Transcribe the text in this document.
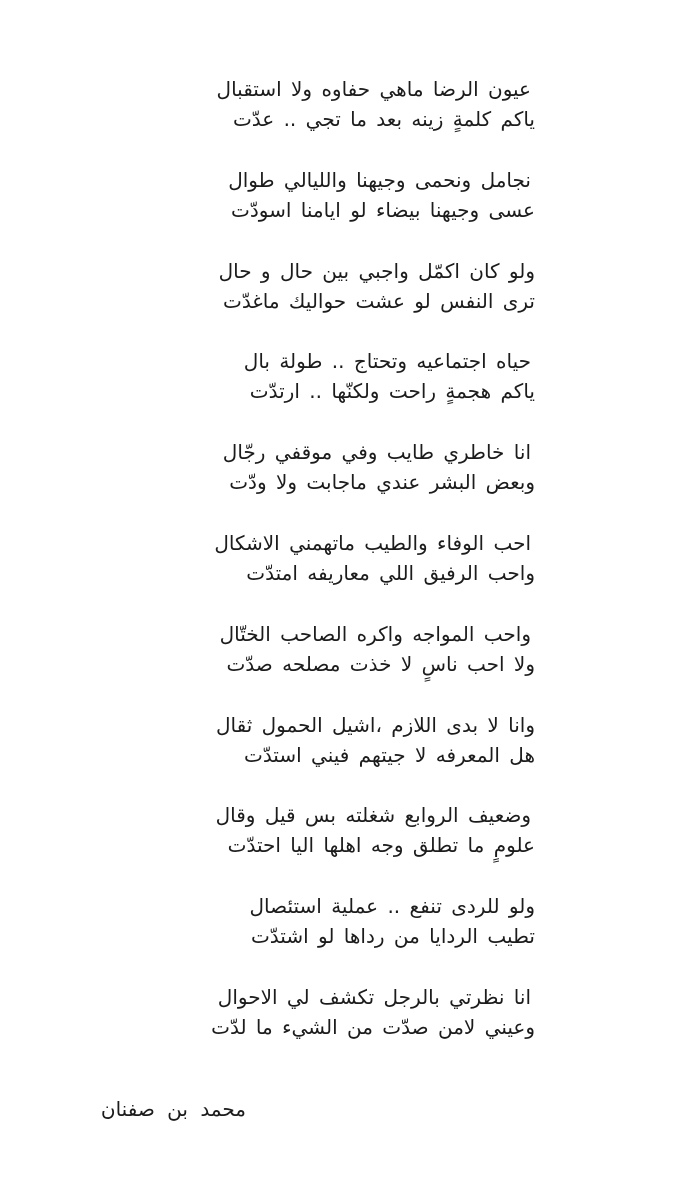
عيون الرضا ماهي حفاوه ولا استقبال
ياكم كلمةٍ زينه بعد ما تجي .. عدّت
نجامل ونحمى وجيهنا والليالي طوال
عسى وجيهنا بيضاء لو ايامنا اسودّت
ولو كان اكمّل واجبي بين حال و حال
ترى النفس لو عشت حواليك ماغدّت
حياه اجتماعيه وتحتاج .. طولة بال
ياكم هجمةٍ راحت ولكنّها .. ارتدّت
انا خاطري طايب وفي موقفي رجّال
وبعض البشر عندي ماجابت ولا ودّت
احب الوفاء والطيب ماتهمني الاشكال
واحب الرفيق اللي معاريفه امتدّت
واحب المواجه واكره الصاحب الختّال
ولا احب ناسٍ لا خذت مصلحه صدّت
وانا لا بدى اللازم ،اشيل الحمول ثقال
هل المعرفه لا جيتهم فيني استدّت
وضعيف الروابع شغلته بس قيل وقال
علومٍ ما تطلق وجه اهلها اليا احتدّت
ولو للردى تنفع .. عملية استئصال
تطيب الردايا من رداها لو اشتدّت
انا نظرتي بالرجل تكشف لي الاحوال
وعيني لامن صدّت من الشيء ما لدّت
محمد بن صفنان
